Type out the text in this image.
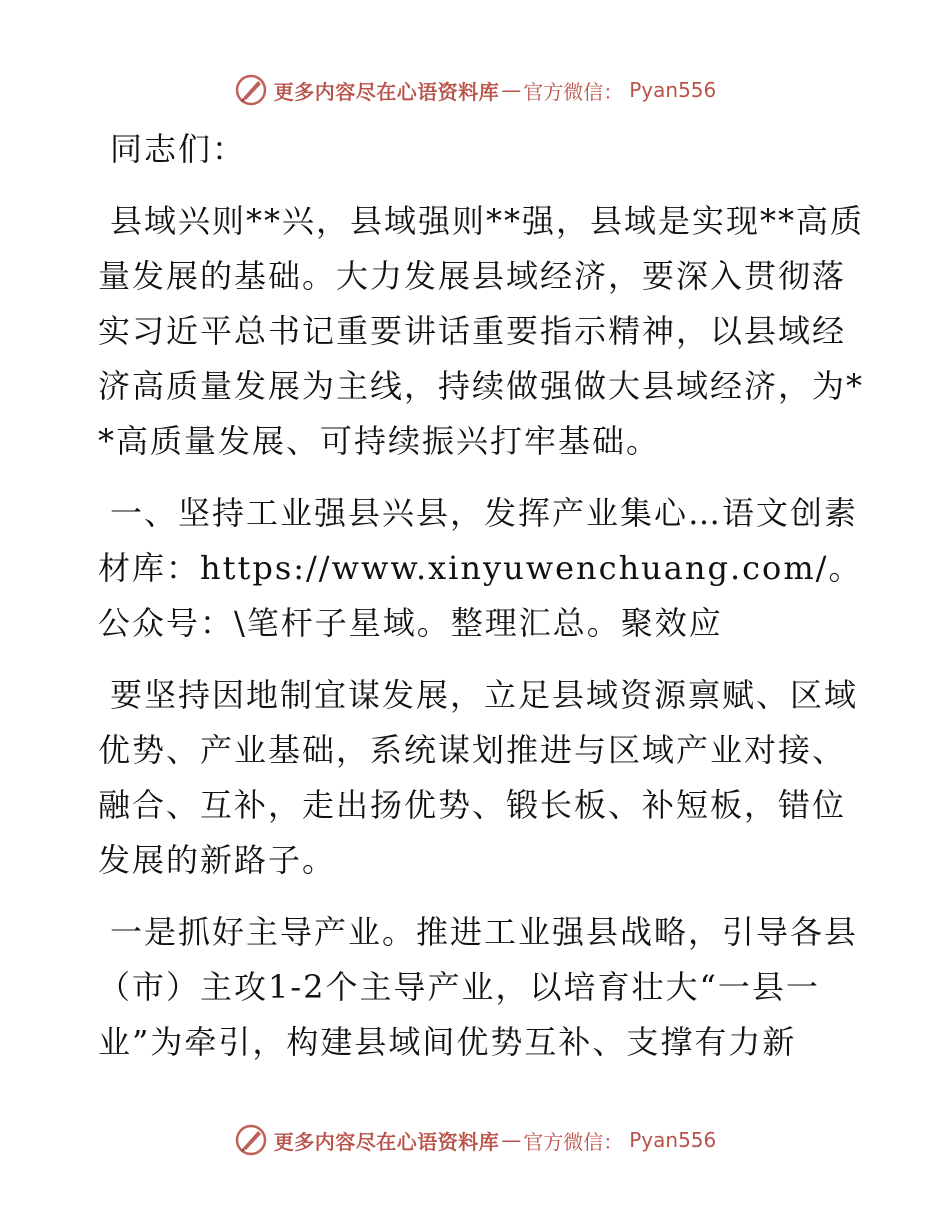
更多内容尽在心语资料库 — 官方微信： Pyan556

同志们：

县域兴则**兴，县域强则**强，县域是实现**高质量发展的基础。大力发展县域经济，要深入贯彻落实习近平总书记重要讲话重要指示精神，以县域经济高质量发展为主线，持续做强做大县域经济，为**高质量发展、可持续振兴打牢基础。

一、坚持工业强县兴县，发挥产业集心…语文创素材库：https://www.xinyuwenchuang.com/。公众号：\笔杆子星域。整理汇总。聚效应

要坚持因地制宜谋发展，立足县域资源禀赋、区域优势、产业基础，系统谋划推进与区域产业对接、融合、互补，走出扬优势、锻长板、补短板，错位发展的新路子。

一是抓好主导产业。推进工业强县战略，引导各县（市）主攻1-2个主导产业，以培育壮大“一县一业”为牵引，构建县域间优势互补、支撑有力新

更多内容尽在心语资料库 — 官方微信： Pyan556
